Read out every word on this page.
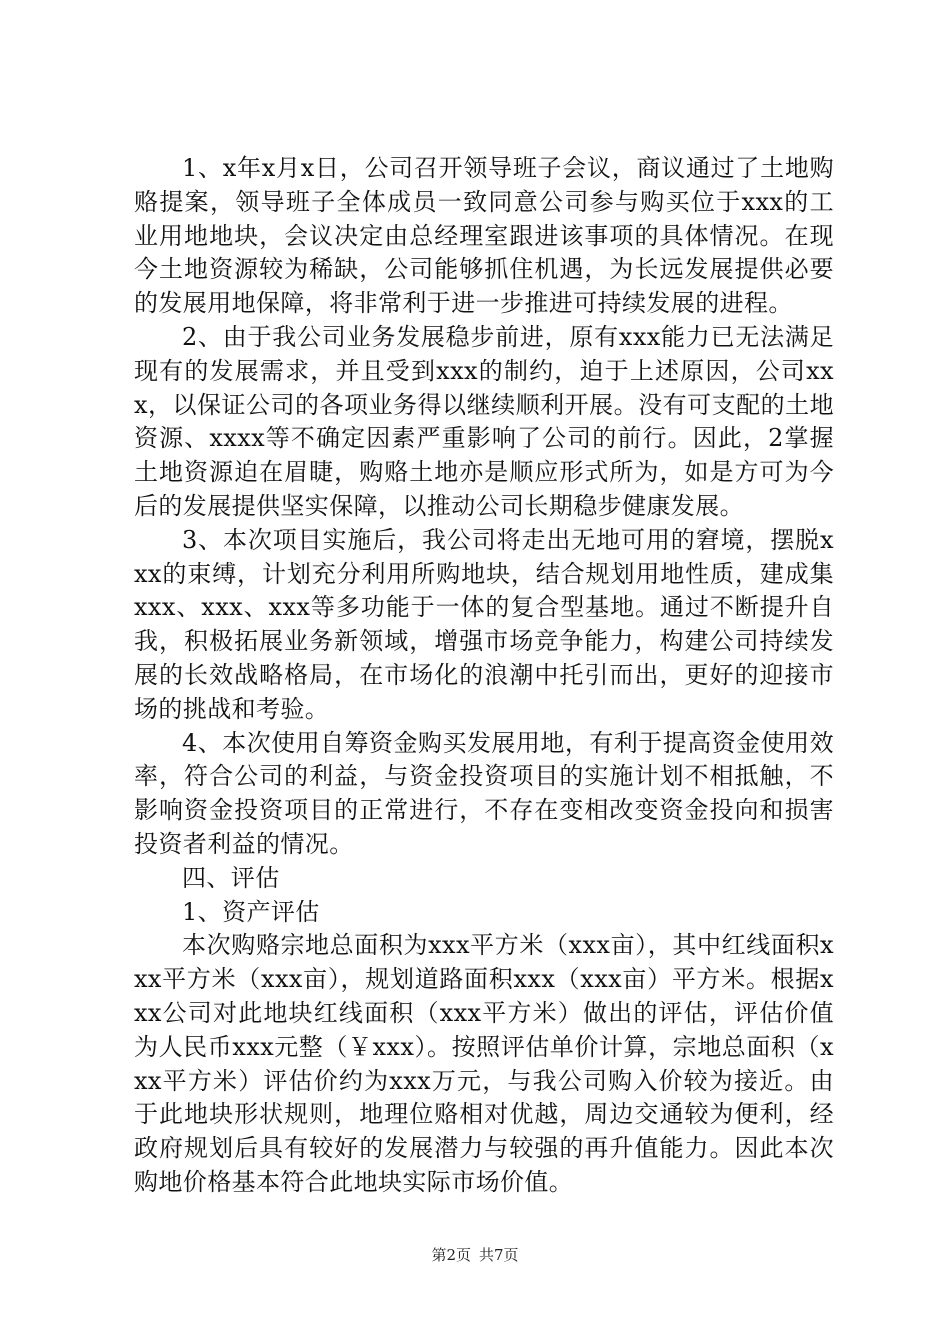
1、x年x月x日，公司召开领导班子会议，商议通过了土地购赂提案，领导班子全体成员一致同意公司参与购买位于xxx的工业用地地块，会议决定由总经理室跟进该事项的具体情况。在现今土地资源较为稀缺，公司能够抓住机遇，为长远发展提供必要的发展用地保障，将非常利于进一步推进可持续发展的进程。

2、由于我公司业务发展稳步前进，原有xxx能力已无法满足现有的发展需求，并且受到xxx的制约，迫于上述原因，公司xxx，以保证公司的各项业务得以继续顺利开展。没有可支配的土地资源、xxxx等不确定因素严重影响了公司的前行。因此，2掌握土地资源迫在眉睫，购赂土地亦是顺应形式所为，如是方可为今后的发展提供坚实保障，以推动公司长期稳步健康发展。

3、本次项目实施后，我公司将走出无地可用的窘境，摆脱xxx的束缚，计划充分利用所购地块，结合规划用地性质，建成集xxx、xxx、xxx等多功能于一体的复合型基地。通过不断提升自我，积极拓展业务新领域，增强市场竞争能力，构建公司持续发展的长效战略格局，在市场化的浪潮中托引而出，更好的迎接市场的挑战和考验。

4、本次使用自筹资金购买发展用地，有利于提高资金使用效率，符合公司的利益，与资金投资项目的实施计划不相抵触，不影响资金投资项目的正常进行，不存在变相改变资金投向和损害投资者利益的情况。

四、评估

1、资产评估

本次购赂宗地总面积为xxx平方米（xxx亩），其中红线面积xxx平方米（xxx亩），规划道路面积xxx（xxx亩）平方米。根据xxx公司对此地块红线面积（xxx平方米）做出的评估，评估价值为人民币xxx元整（￥xxx）。按照评估单价计算，宗地总面积（xxx平方米）评估价约为xxx万元，与我公司购入价较为接近。由于此地块形状规则，地理位赂相对优越，周边交通较为便利，经政府规划后具有较好的发展潜力与较强的再升值能力。因此本次购地价格基本符合此地块实际市场价值。

第2页 共7页
